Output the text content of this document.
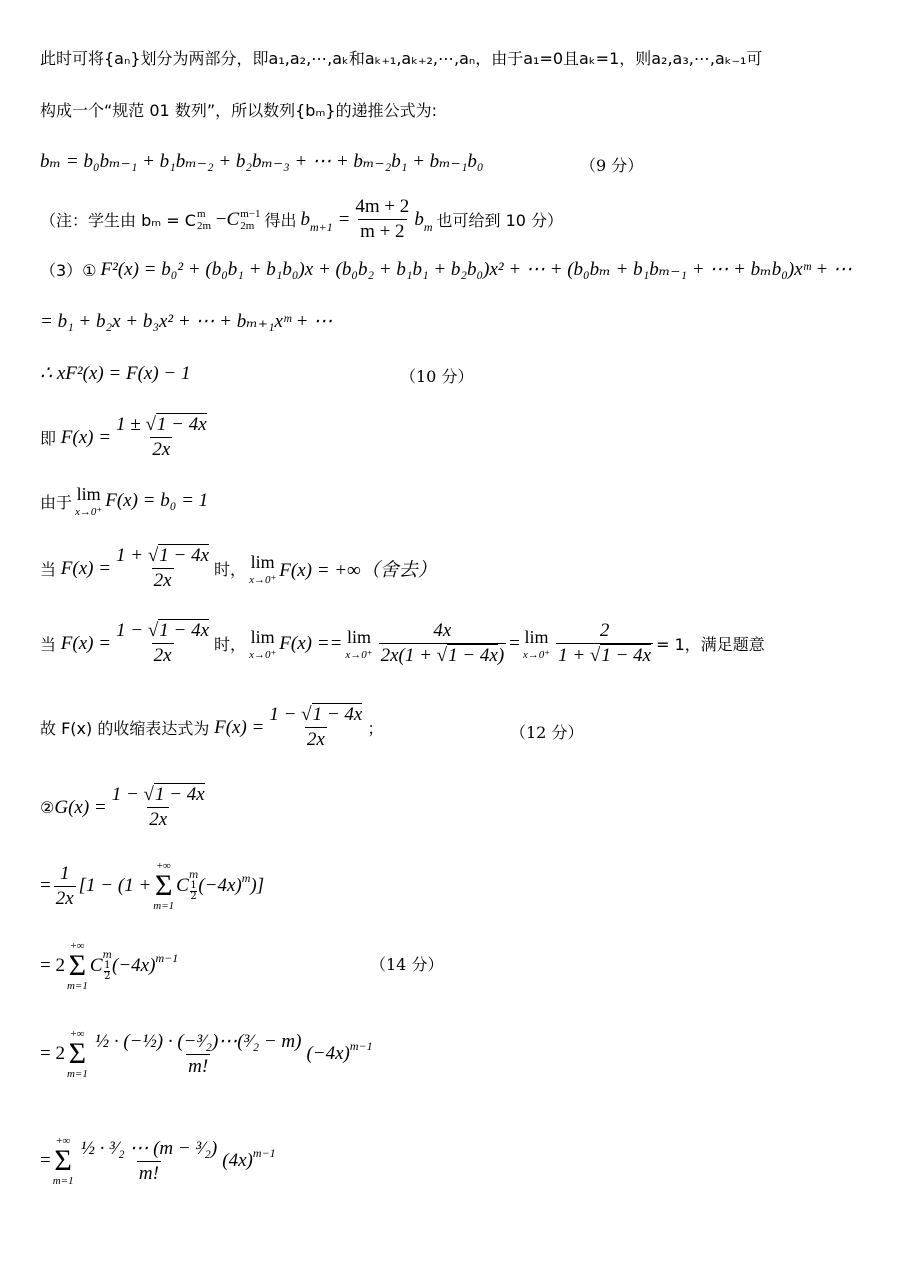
此时可将{aₙ}划分为两部分，即a₁,a₂,⋯,aₖ和aₖ₊₁,aₖ₊₂,⋯,aₙ，由于a₁=0且aₖ=1，则a₂,a₃,⋯,aₖ₋₁可
构成一个“规范 01 数列”，所以数列{bₘ}的递推公式为:
bₘ = b₀bₘ₋₁ + b₁bₘ₋₂ + b₂bₘ₋₃ + ⋯ + bₘ₋₂b₁ + bₘ₋₁b₀	（9 分）
（注：学生由 bₘ = C m
2m − C m−1
2m 得出 $b_{m+1} = \frac{4m + 2}{m + 2} b_m$ 也可给到 10 分）
（3）① F²(x) = b₀² + (b₀b₁ + b₁b₀)x + (b₀b₂ + b₁b₁ + b₂b₀)x² + ⋯ + (b₀bₘ + b₁bₘ₋₁ + ⋯ + bₘb₀)xᵐ + ⋯
= b₁ + b₂x + b₃x² + ⋯ + bₘ₊₁xᵐ + ⋯
∴ xF²(x) = F(x) − 1	（10 分）
即 $F(x) = \frac{1 \pm √1 - 4x}{2x}$
由于 lim
x→0⁺
F(x) = b₀ = 1
当 $F(x) = \frac{1 + √1 - 4x}{2x}$ 时， lim
x→0⁺ F(x) = +∞（舍去）
当 $F(x) = \frac{1 - √1 - 4x}{2x}$ 时， lim
x→0⁺
F(x) == lim
$x\to 0^+ \frac{4x}{2x(1 + √1 - 4x)} = \lim$
$x\to 0^+ \frac{2}{1 + √1 - 4x} = 1$，满足题意
故 F(x) 的收缩表达式为 $F(x) = \frac{1 - √1 - 4x}{2x}$ ；	（12 分）
② $G(x) = \frac{1 - √1 - 4x}{2x}$
= $\frac{1}{2x} [1 - (1$ +
+∞
Σ
m=1
C m
1
2 $(-4x)^m$)]
= 2
+∞
Σ
m=1
C m
1
2 $(-4x)^{m-1}$	（14 分）
= 2
+∞
Σ
$m=1 \frac{\text{½ · (−½) · (−³⁄₂)⋯(³⁄₂ − m)}}{m!} (-4x)^{m-1}$
=
+∞
Σ
$m=1 \frac{\text{½ · ³⁄₂ ⋯ (m − ³⁄₂)}}{m!} (4x)^{m-1}$
